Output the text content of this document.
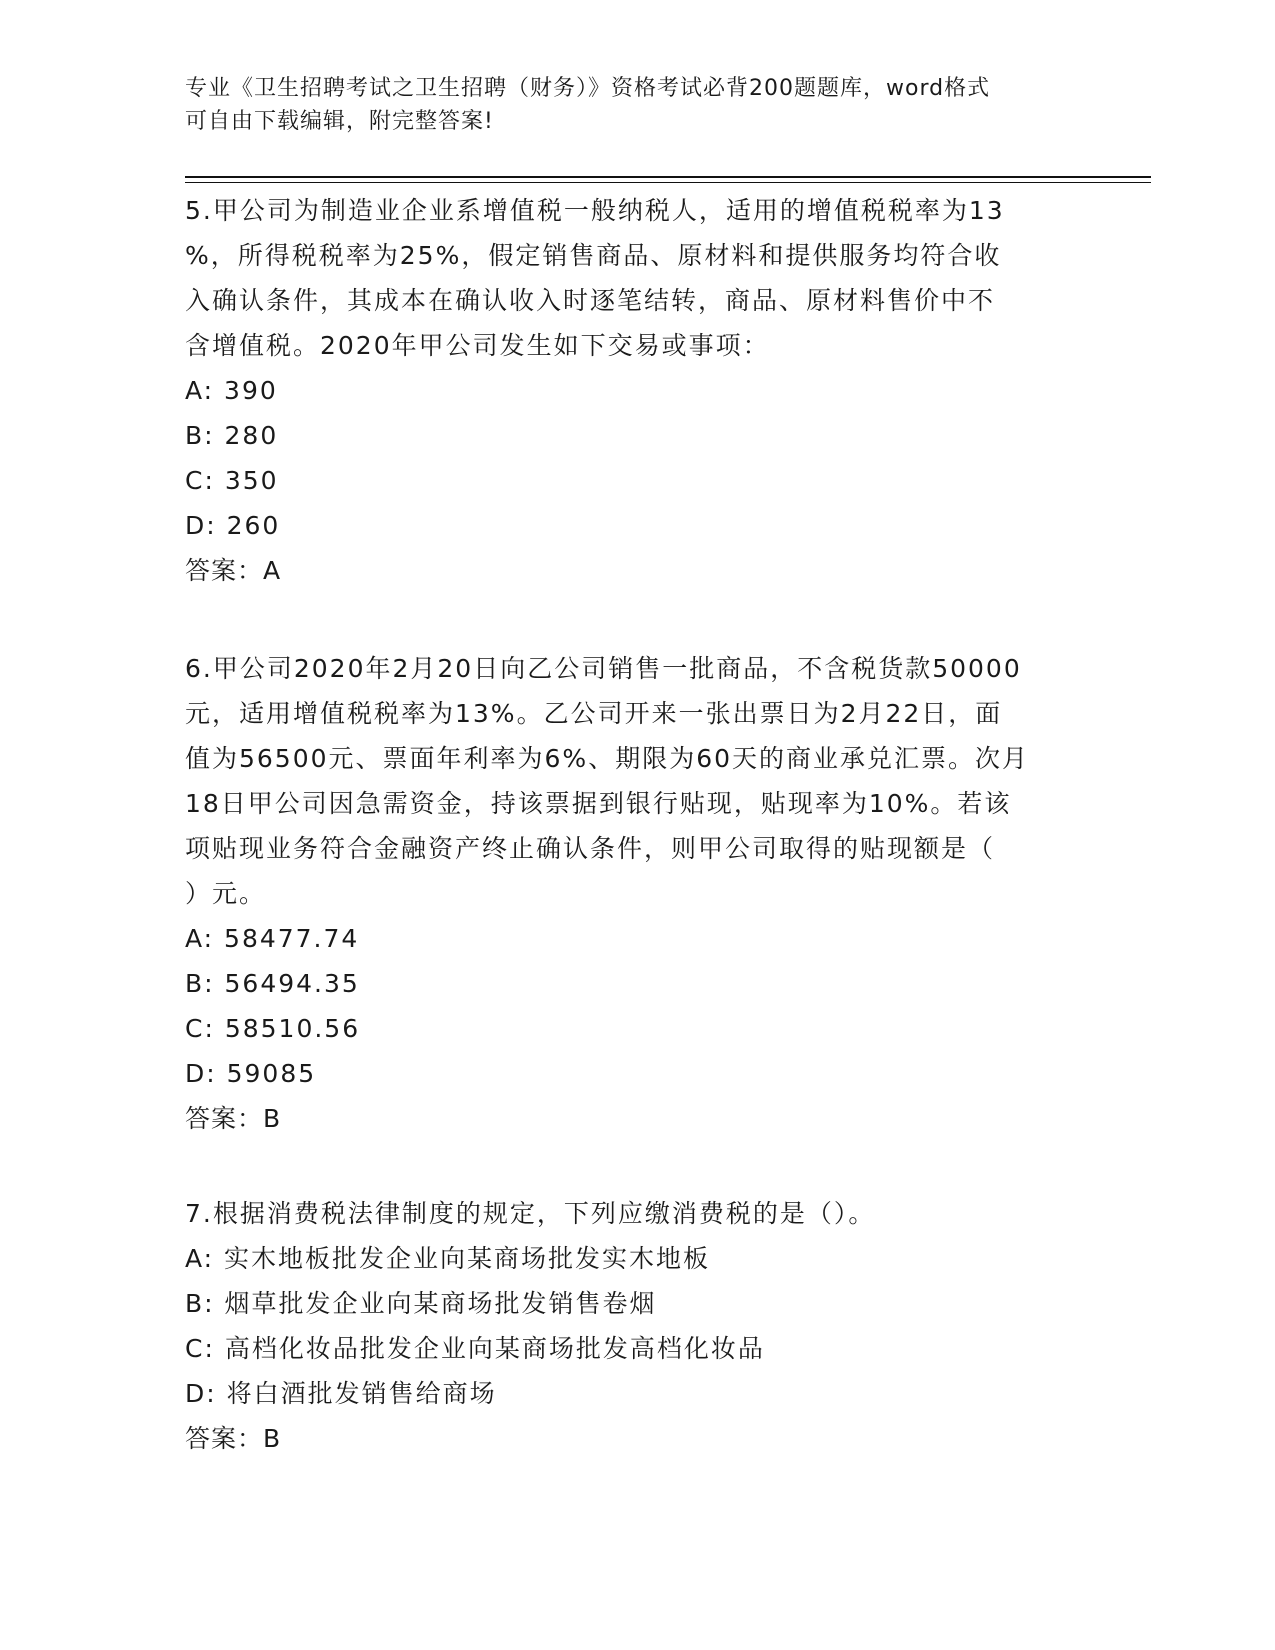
专业《卫生招聘考试之卫生招聘（财务）》资格考试必背200题题库，word格式
可自由下载编辑，附完整答案!

5.甲公司为制造业企业系增值税一般纳税人，适用的增值税税率为13

%，所得税税率为25%，假定销售商品、原材料和提供服务均符合收

入确认条件，其成本在确认收入时逐笔结转，商品、原材料售价中不

含增值税。2020年甲公司发生如下交易或事项：

A: 390

B: 280

C: 350

D: 260

答案：A

6.甲公司2020年2月20日向乙公司销售一批商品，不含税货款50000

元，适用增值税税率为13%。乙公司开来一张出票日为2月22日，面

值为56500元、票面年利率为6%、期限为60天的商业承兑汇票。次月

18日甲公司因急需资金，持该票据到银行贴现，贴现率为10%。若该

项贴现业务符合金融资产终止确认条件，则甲公司取得的贴现额是（

）元。

A: 58477.74

B: 56494.35

C: 58510.56

D: 59085

答案：B

7.根据消费税法律制度的规定，下列应缴消费税的是（）。

A: 实木地板批发企业向某商场批发实木地板

B: 烟草批发企业向某商场批发销售卷烟

C: 高档化妆品批发企业向某商场批发高档化妆品

D: 将白酒批发销售给商场

答案：B
